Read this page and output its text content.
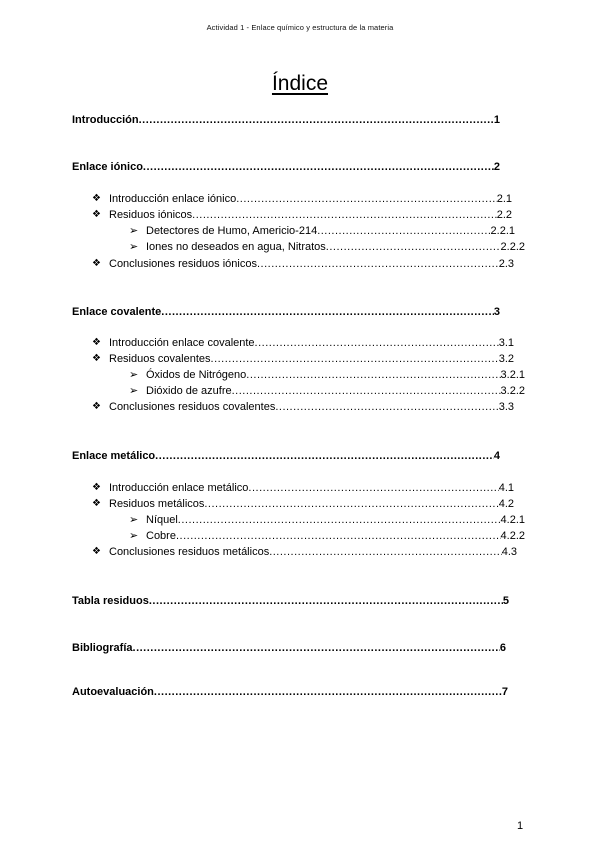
Actividad 1 - Enlace químico y estructura de la materia
Índice
Introducción .....	1
Enlace iónico .....	2
❖ Introducción enlace iónico .....	2.1
❖ Residuos iónicos .....	2.2
➢ Detectores de Humo, Americio-214 .....	2.2.1
➢ Iones no deseados en agua, Nitratos .....	2.2.2
❖ Conclusiones residuos iónicos .....	2.3
Enlace covalente .....	3
❖ Introducción enlace covalente .....	3.1
❖ Residuos covalentes .....	3.2
➢ Óxidos de Nitrógeno .....	3.2.1
➢ Dióxido de azufre .....	3.2.2
❖ Conclusiones residuos covalentes .....	3.3
Enlace metálico .....	4
❖ Introducción enlace metálico .....	4.1
❖ Residuos metálicos .....	4.2
➢ Níquel .....	4.2.1
➢ Cobre .....	4.2.2
❖ Conclusiones residuos metálicos .....	4.3
Tabla residuos .....	5
Bibliografía .....	6
Autoevaluación .....	7
1
